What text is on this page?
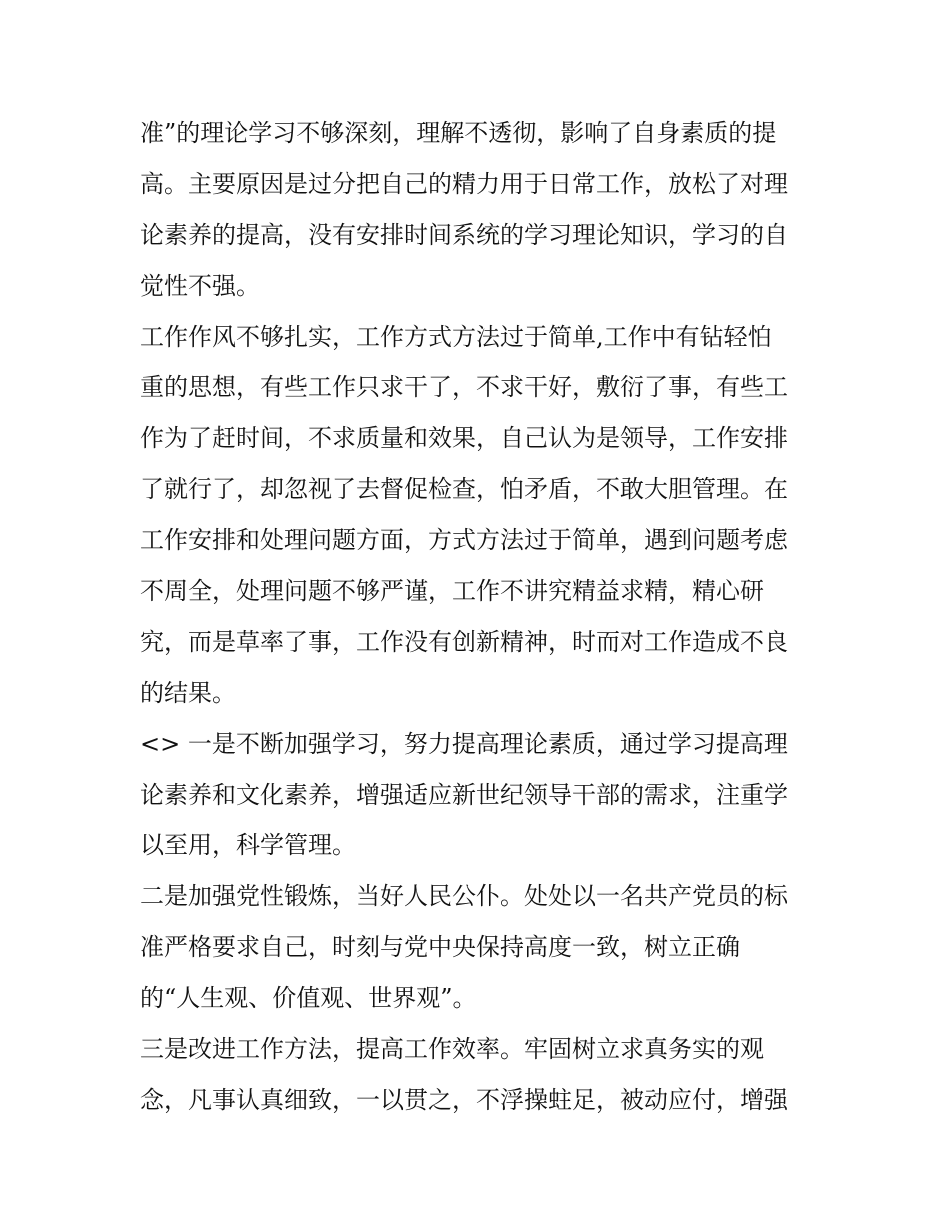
准”的理论学习不够深刻，理解不透彻，影响了自身素质的提
高。主要原因是过分把自己的精力用于日常工作，放松了对理
论素养的提高，没有安排时间系统的学习理论知识，学习的自
觉性不强。
工作作风不够扎实，工作方式方法过于简单,工作中有钻轻怕
重的思想，有些工作只求干了，不求干好，敷衍了事，有些工
作为了赶时间，不求质量和效果，自己认为是领导，工作安排
了就行了，却忽视了去督促检查，怕矛盾，不敢大胆管理。在
工作安排和处理问题方面，方式方法过于简单，遇到问题考虑
不周全，处理问题不够严谨，工作不讲究精益求精，精心研
究，而是草率了事，工作没有创新精神，时而对工作造成不良
的结果。
<> 一是不断加强学习，努力提高理论素质，通过学习提高理
论素养和文化素养，增强适应新世纪领导干部的需求，注重学
以至用，科学管理。
二是加强党性锻炼，当好人民公仆。处处以一名共产党员的标
准严格要求自己，时刻与党中央保持高度一致，树立正确
的“人生观、价值观、世界观”。
三是改进工作方法，提高工作效率。牢固树立求真务实的观
念，凡事认真细致，一以贯之，不浮操蛀足，被动应付，增强
